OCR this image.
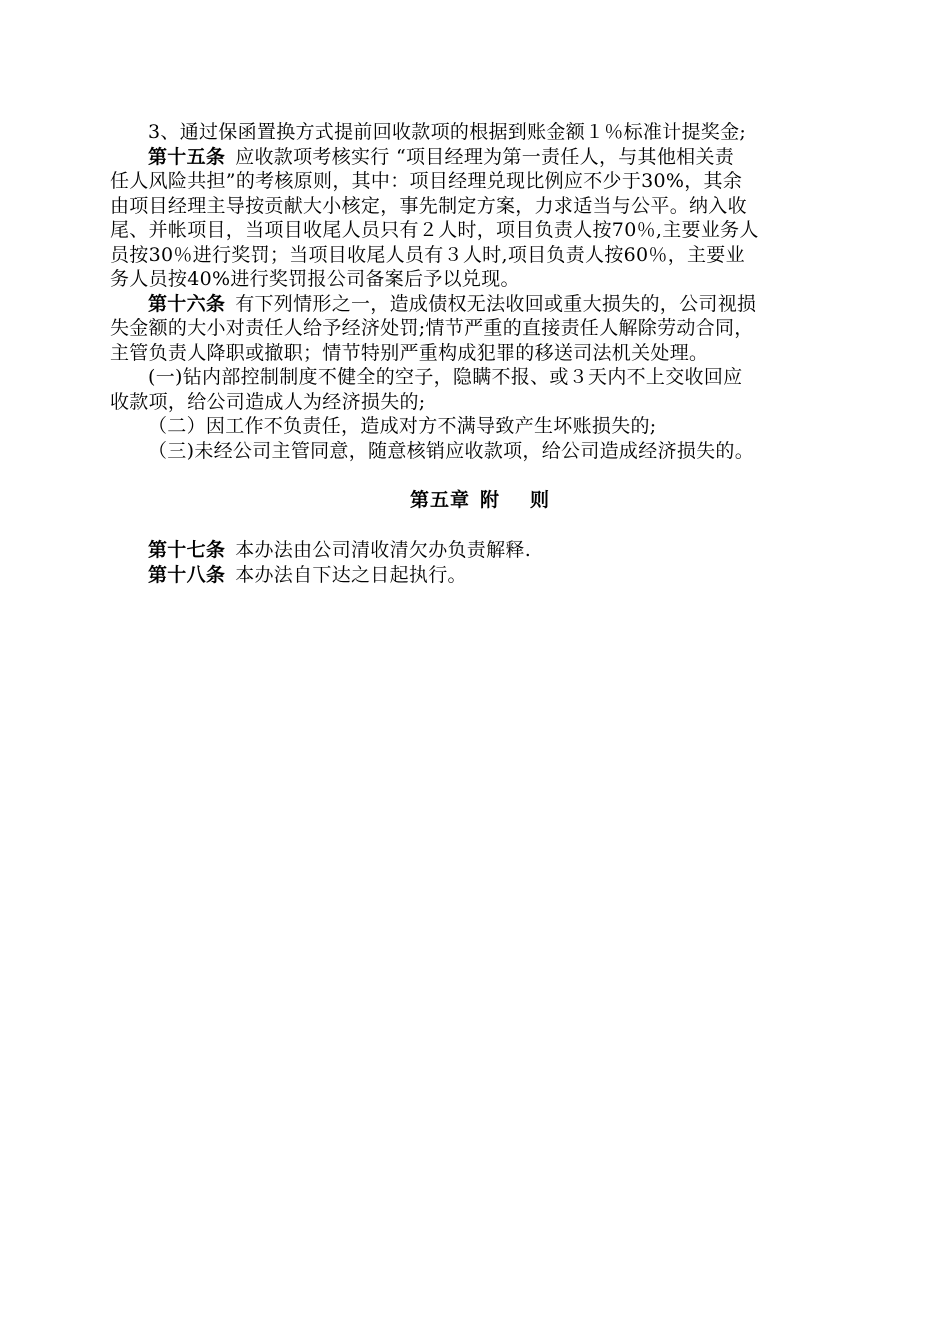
3、通过保函置换方式提前回收款项的根据到账金额１％标准计提奖金;
第十五条 应收款项考核实行 “项目经理为第一责任人，与其他相关责
任人风险共担”的考核原则，其中：项目经理兑现比例应不少于30%，其余
由项目经理主导按贡献大小核定，事先制定方案，力求适当与公平。纳入收
尾、并帐项目，当项目收尾人员只有２人时，项目负责人按70％,主要业务人
员按30％进行奖罚；当项目收尾人员有３人时,项目负责人按60％，主要业
务人员按40%进行奖罚报公司备案后予以兑现。
第十六条 有下列情形之一，造成债权无法收回或重大损失的，公司视损
失金额的大小对责任人给予经济处罚;情节严重的直接责任人解除劳动合同，
主管负责人降职或撤职；情节特别严重构成犯罪的移送司法机关处理。
(一)钻内部控制制度不健全的空子，隐瞒不报、或３天内不上交收回应
收款项，给公司造成人为经济损失的;
（二）因工作不负责任，造成对方不满导致产生坏账损失的;
（三)未经公司主管同意，随意核销应收款项，给公司造成经济损失的。
第五章 附 则
第十七条 本办法由公司清收清欠办负责解释.
第十八条 本办法自下达之日起执行。
